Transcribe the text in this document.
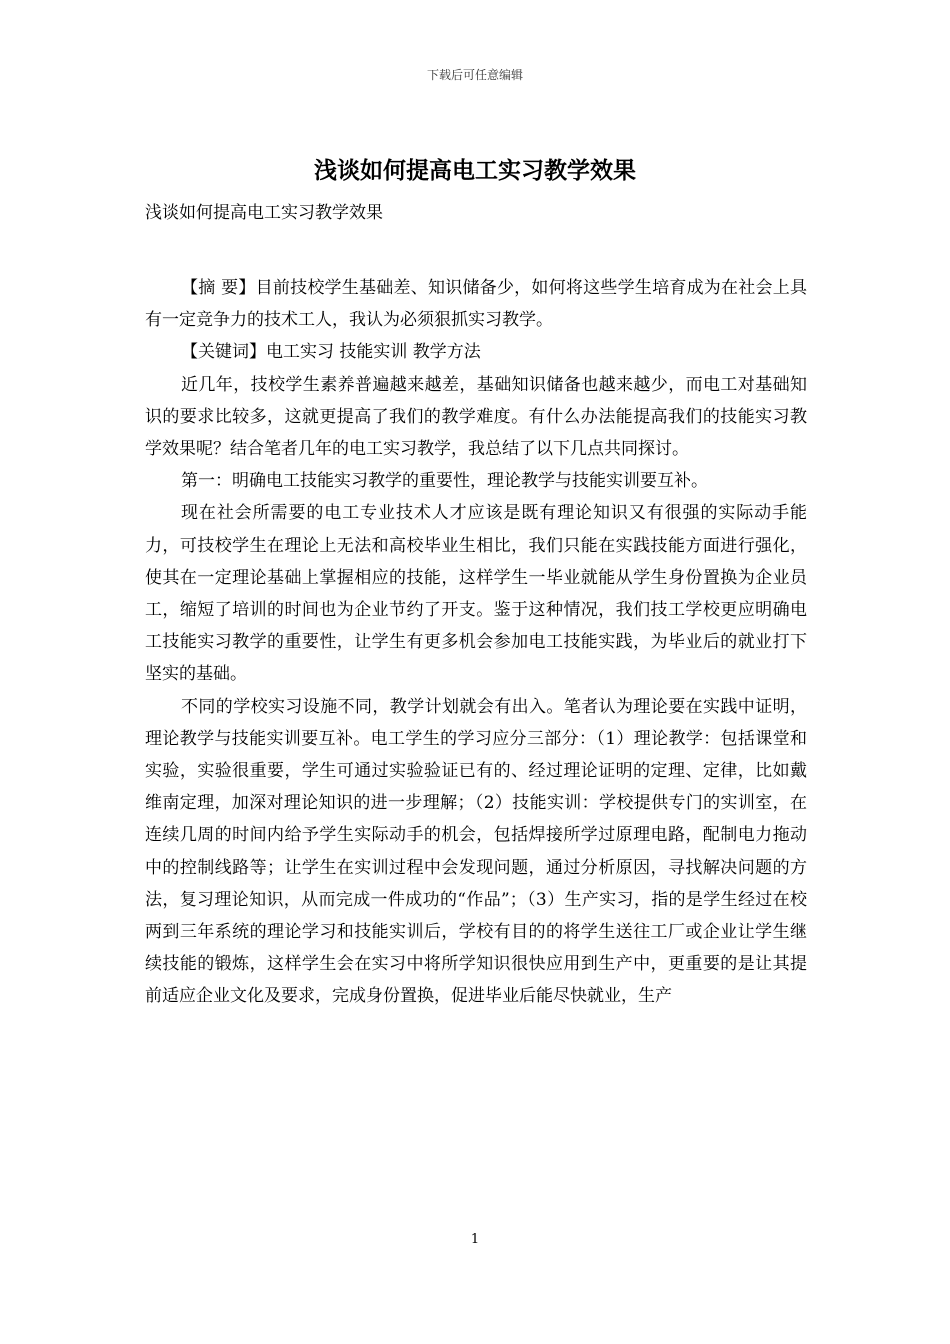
下载后可任意编辑
浅谈如何提高电工实习教学效果
浅谈如何提高电工实习教学效果

【摘 要】目前技校学生基础差、知识储备少，如何将这些学生培育成为在社会上具有一定竞争力的技术工人，我认为必须狠抓实习教学。

【关键词】电工实习 技能实训 教学方法

近几年，技校学生素养普遍越来越差，基础知识储备也越来越少，而电工对基础知识的要求比较多，这就更提高了我们的教学难度。有什么办法能提高我们的技能实习教学效果呢？结合笔者几年的电工实习教学，我总结了以下几点共同探讨。

第一：明确电工技能实习教学的重要性，理论教学与技能实训要互补。

现在社会所需要的电工专业技术人才应该是既有理论知识又有很强的实际动手能力，可技校学生在理论上无法和高校毕业生相比，我们只能在实践技能方面进行强化，使其在一定理论基础上掌握相应的技能，这样学生一毕业就能从学生身份置换为企业员工，缩短了培训的时间也为企业节约了开支。鉴于这种情况，我们技工学校更应明确电工技能实习教学的重要性，让学生有更多机会参加电工技能实践，为毕业后的就业打下坚实的基础。

不同的学校实习设施不同，教学计划就会有出入。笔者认为理论要在实践中证明，理论教学与技能实训要互补。电工学生的学习应分三部分：（1）理论教学：包括课堂和实验，实验很重要，学生可通过实验验证已有的、经过理论证明的定理、定律，比如戴维南定理，加深对理论知识的进一步理解；（2）技能实训：学校提供专门的实训室，在连续几周的时间内给予学生实际动手的机会，包括焊接所学过原理电路，配制电力拖动中的控制线路等；让学生在实训过程中会发现问题，通过分析原因，寻找解决问题的方法，复习理论知识，从而完成一件成功的“作品”；（3）生产实习，指的是学生经过在校两到三年系统的理论学习和技能实训后，学校有目的的将学生送往工厂或企业让学生继续技能的锻炼，这样学生会在实习中将所学知识很快应用到生产中，更重要的是让其提前适应企业文化及要求，完成身份置换，促进毕业后能尽快就业，生产

1
